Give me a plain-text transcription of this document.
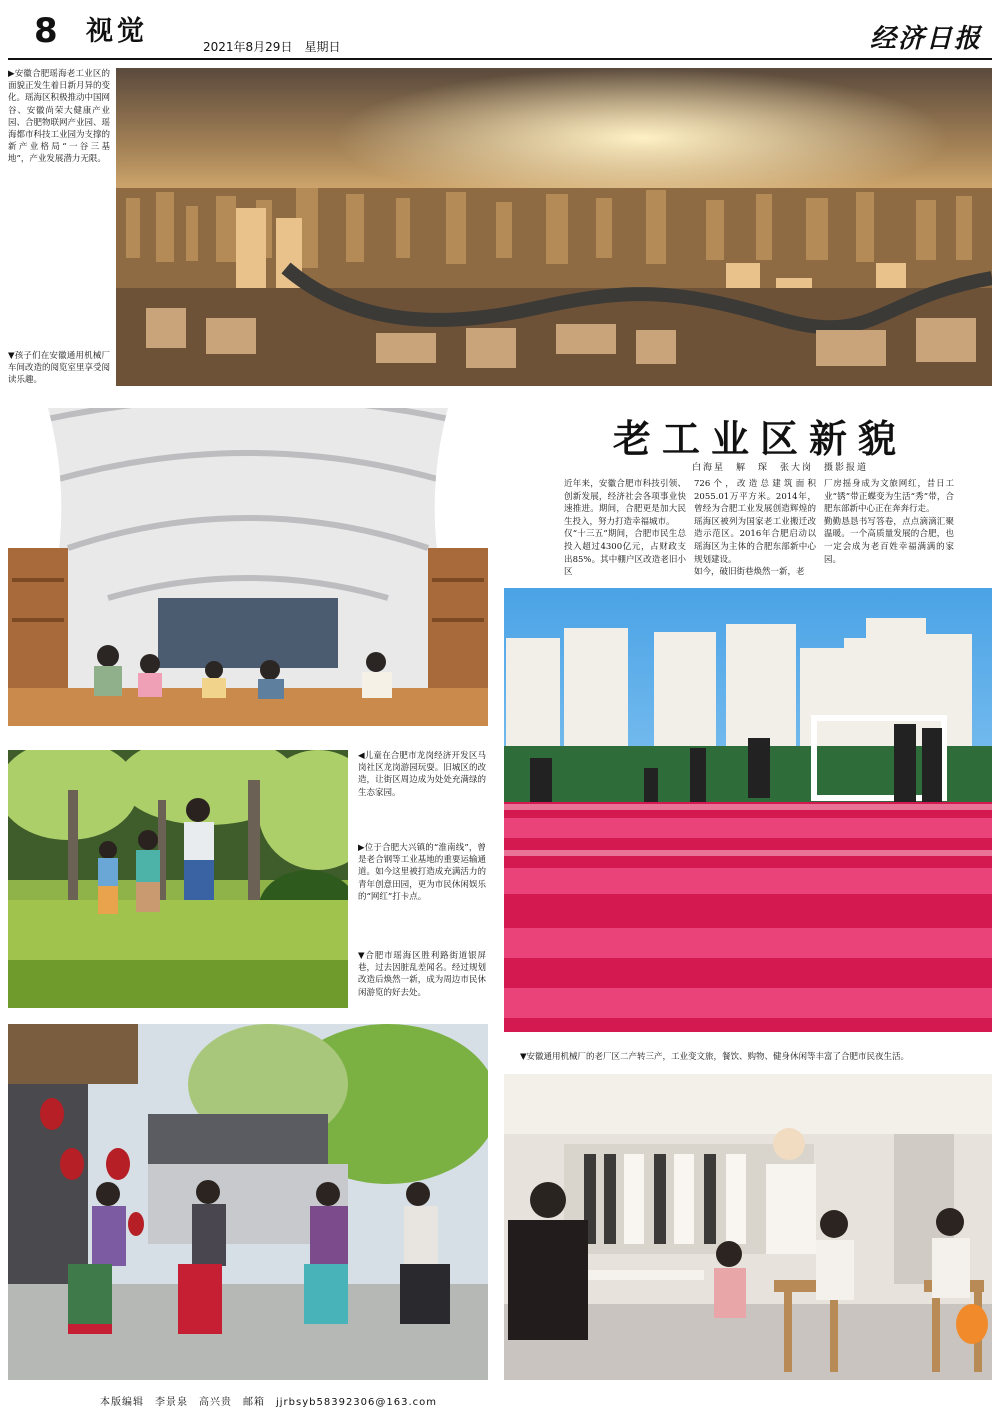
8 视觉	2021年8月29日　星期日	经济日报
▶安徽合肥瑶海老工业区的面貌正发生着日新月异的变化。瑶海区积极推动中国网谷、安徽尚荣大健康产业园、合肥物联网产业园、瑶海都市科技工业园为支撑的新产业格局“一谷三基地”，产业发展潜力无限。
▼孩子们在安徽通用机械厂车间改造的阅览室里享受阅读乐趣。
老工业区新貌
白海星　解　琛　张大岗　摄影报道
近年来，安徽合肥市科技引领、创新发展，经济社会各项事业快速推进。期间，合肥更是加大民生投入，努力打造幸福城市。
仅“十三五”期间，合肥市民生总投入超过4300亿元，占财政支出85%。其中棚户区改造老旧小区
726个，改造总建筑面积2055.01万平方米。2014年，曾经为合肥工业发展创造辉煌的瑶海区被列为国家老工业搬迁改造示范区。2016年合肥启动以瑶海区为主体的合肥东部新中心规划建设。
如今，破旧街巷焕然一新，老
厂房摇身成为文旅网红，昔日工业“锈”带正蝶变为生活“秀”带，合肥东部新中心正在奔奔行走。
勤勤恳恳书写答卷，点点滴滴汇聚温暖。一个高质量发展的合肥，也一定会成为老百姓幸福满满的家园。
◀儿童在合肥市龙岗经济开发区马岗社区龙岗游园玩耍。旧城区的改造，让街区周边成为处处充满绿的生态家园。
▶位于合肥大兴镇的“淮南线”，曾是老合钢等工业基地的重要运输通道。如今这里被打造成充满活力的青年创意田园，更为市民休闲娱乐的“网红”打卡点。
▼合肥市瑶海区胜利路街道银屏巷，过去因脏乱差闻名。经过规划改造后焕然一新，成为周边市民休闲游览的好去处。
▼安徽通用机械厂的老厂区二产转三产，工业变文旅，餐饮、购物、健身休闲等丰富了合肥市民夜生活。
本版编辑　李景泉　高兴贵　邮箱　jjrbsyb58392306@163.com
